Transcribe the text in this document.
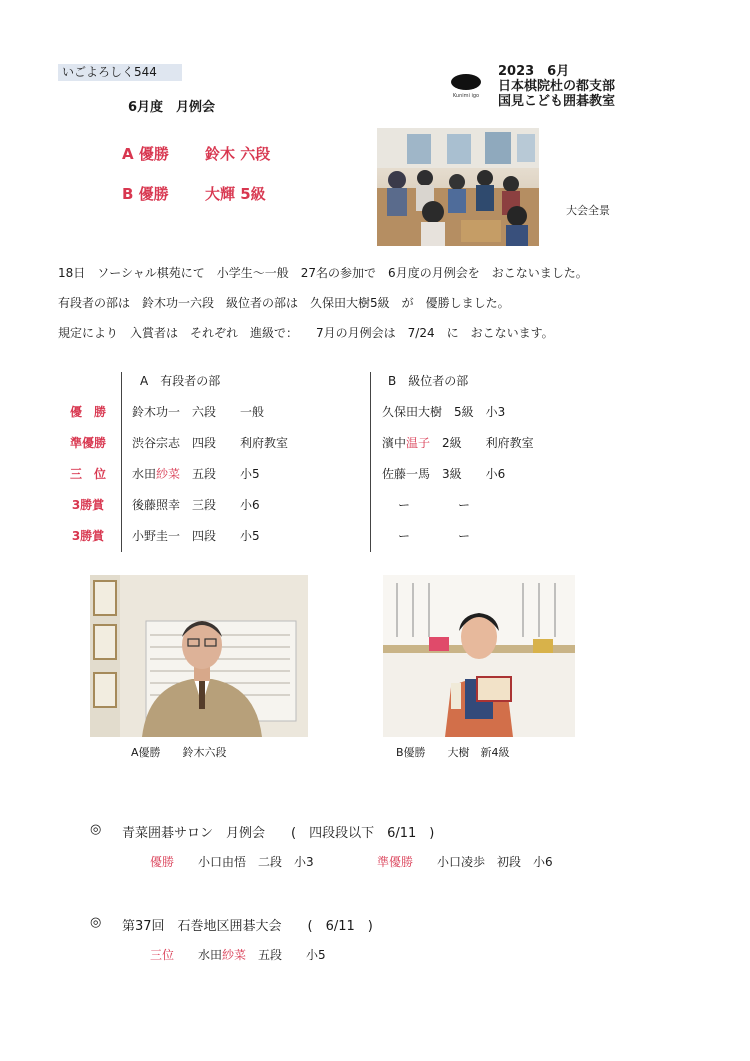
いごよろしく544
6月度　月例会
Kunimi igo
2023　6月
日本棋院杜の都支部
国見こども囲碁教室
A 優勝 鈴木 六段
B 優勝 大輝 5級
大会全景
18日　ソーシャル棋苑にて　小学生～一般　27名の参加で　6月度の月例会を　おこないました。
有段者の部は　鈴木功一六段　級位者の部は　久保田大樹5級　が　優勝しました。
規定により　入賞者は　それぞれ　進級で：　　7月の月例会は　7/24　に　おこないます。
A　有段者の部	B　級位者の部
優　勝	鈴木功一　六段　　一般	久保田大樹　5級　小3
準優勝	渋谷宗志　四段　　利府教室	濱中温子　2級　　利府教室
三　位	水田紗菜　五段　　小5	佐藤一馬　3級　　小6
3勝賞	後藤照幸　三段　　小6	ー　　　　ー
3勝賞	小野圭一　四段　　小5	ー　　　　ー
A優勝　　鈴木六段	B優勝　　大樹　新4級
◎ 青菜囲碁サロン　月例会　　(　四段段以下　6/11　)
優勝 小口由悟　二段　小3	準優勝 小口凌歩　初段　小6
◎ 第37回　石巻地区囲碁大会　　(　6/11　)
三位 水田紗菜　五段　　小5
